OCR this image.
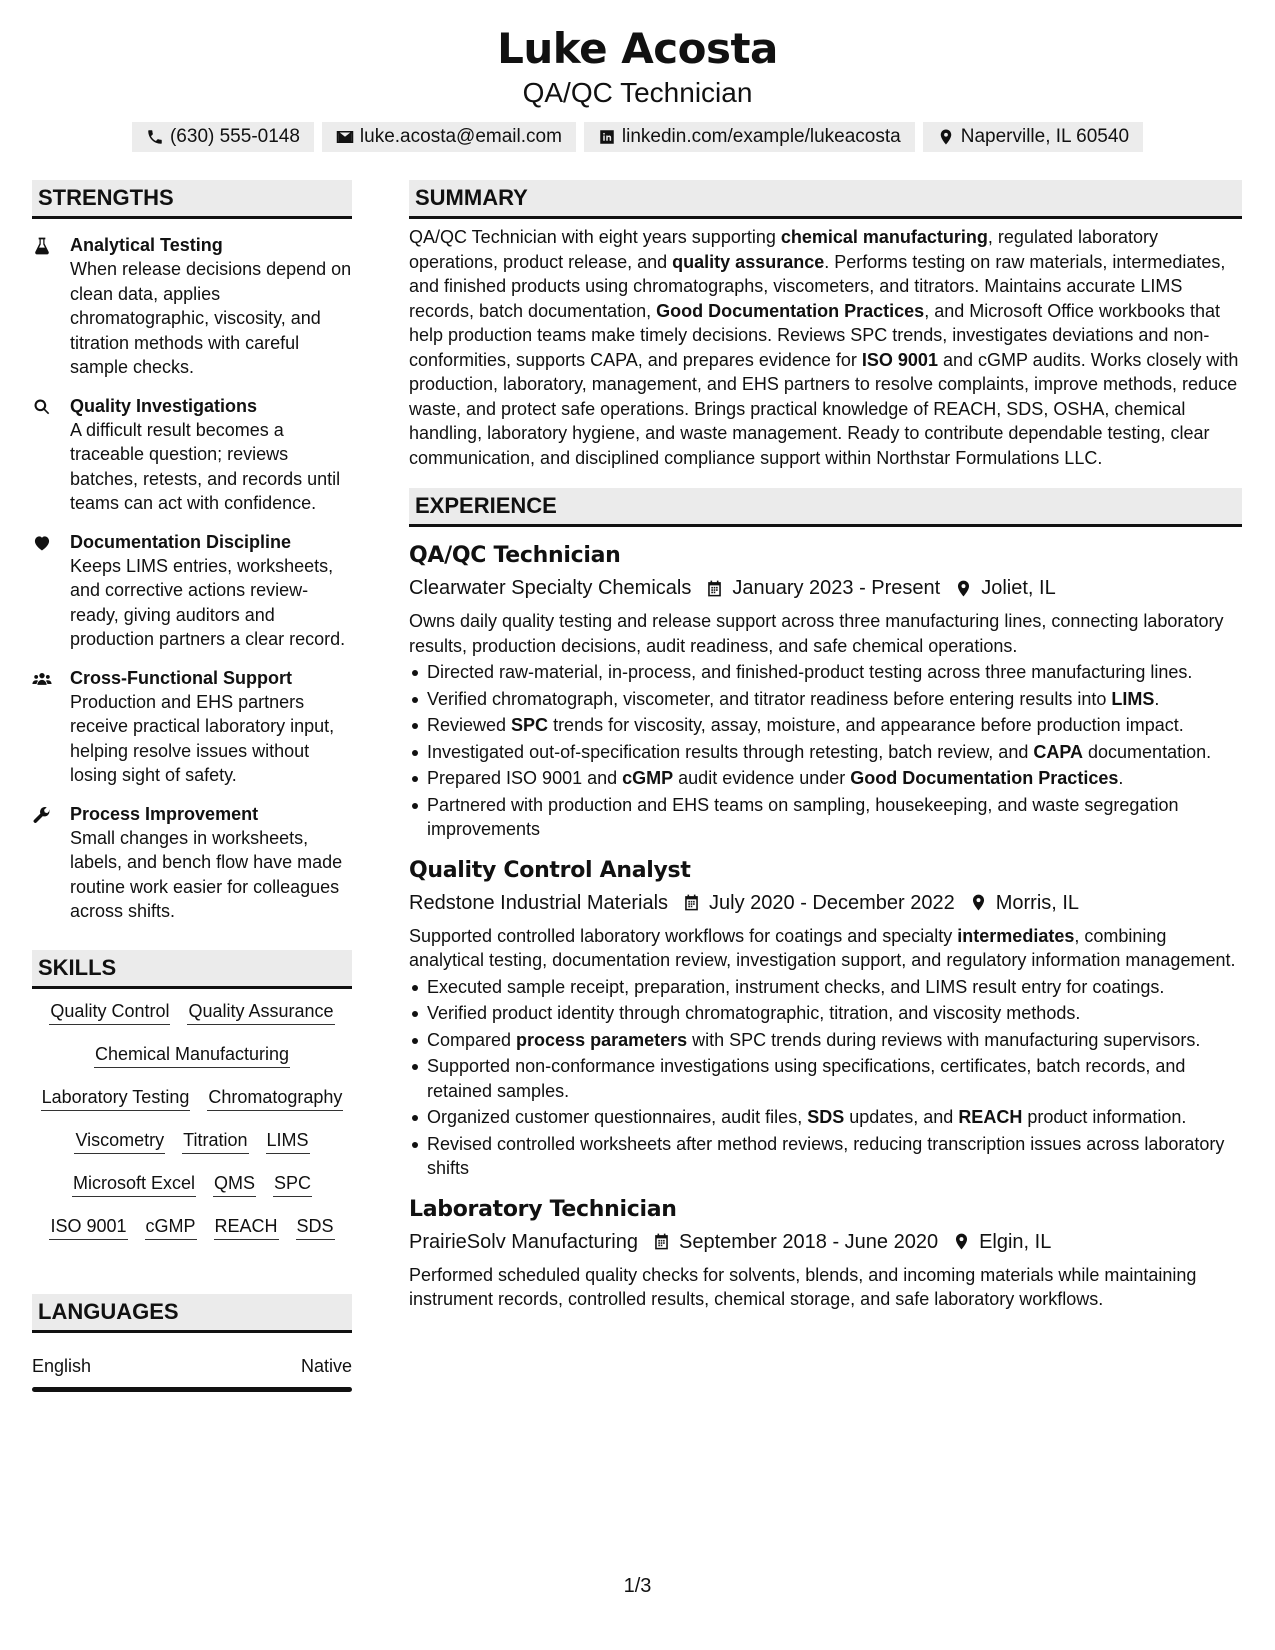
Luke Acosta
QA/QC Technician
(630) 555-0148	luke.acosta@email.com	linkedin.com/example/lukeacosta	Naperville, IL 60540
STRENGTHS
Analytical Testing
When release decisions depend on clean data, applies chromatographic, viscosity, and titration methods with careful sample checks.
Quality Investigations
A difficult result becomes a traceable question; reviews batches, retests, and records until teams can act with confidence.
Documentation Discipline
Keeps LIMS entries, worksheets, and corrective actions review-ready, giving auditors and production partners a clear record.
Cross-Functional Support
Production and EHS partners receive practical laboratory input, helping resolve issues without losing sight of safety.
Process Improvement
Small changes in worksheets, labels, and bench flow have made routine work easier for colleagues across shifts.
SKILLS
Quality Control Quality Assurance
Chemical Manufacturing
Laboratory Testing Chromatography
Viscometry Titration LIMS
Microsoft Excel QMS SPC
ISO 9001 cGMP REACH SDS
LANGUAGES
English	Native
SUMMARY
QA/QC Technician with eight years supporting chemical manufacturing, regulated laboratory operations, product release, and quality assurance. Performs testing on raw materials, intermediates, and finished products using chromatographs, viscometers, and titrators. Maintains accurate LIMS records, batch documentation, Good Documentation Practices, and Microsoft Office workbooks that help production teams make timely decisions. Reviews SPC trends, investigates deviations and non-conformities, supports CAPA, and prepares evidence for ISO 9001 and cGMP audits. Works closely with production, laboratory, management, and EHS partners to resolve complaints, improve methods, reduce waste, and protect safe operations. Brings practical knowledge of REACH, SDS, OSHA, chemical handling, laboratory hygiene, and waste management. Ready to contribute dependable testing, clear communication, and disciplined compliance support within Northstar Formulations LLC.
EXPERIENCE
QA/QC Technician
Clearwater Specialty Chemicals January 2023 - Present Joliet, IL
Owns daily quality testing and release support across three manufacturing lines, connecting laboratory results, production decisions, audit readiness, and safe chemical operations.
Directed raw-material, in-process, and finished-product testing across three manufacturing lines.
Verified chromatograph, viscometer, and titrator readiness before entering results into LIMS.
Reviewed SPC trends for viscosity, assay, moisture, and appearance before production impact.
Investigated out-of-specification results through retesting, batch review, and CAPA documentation.
Prepared ISO 9001 and cGMP audit evidence under Good Documentation Practices.
Partnered with production and EHS teams on sampling, housekeeping, and waste segregation improvements
Quality Control Analyst
Redstone Industrial Materials July 2020 - December 2022 Morris, IL
Supported controlled laboratory workflows for coatings and specialty intermediates, combining analytical testing, documentation review, investigation support, and regulatory information management.
Executed sample receipt, preparation, instrument checks, and LIMS result entry for coatings.
Verified product identity through chromatographic, titration, and viscosity methods.
Compared process parameters with SPC trends during reviews with manufacturing supervisors.
Supported non-conformance investigations using specifications, certificates, batch records, and retained samples.
Organized customer questionnaires, audit files, SDS updates, and REACH product information.
Revised controlled worksheets after method reviews, reducing transcription issues across laboratory shifts
Laboratory Technician
PrairieSolv Manufacturing September 2018 - June 2020 Elgin, IL
Performed scheduled quality checks for solvents, blends, and incoming materials while maintaining instrument records, controlled results, chemical storage, and safe laboratory workflows.
1/3
